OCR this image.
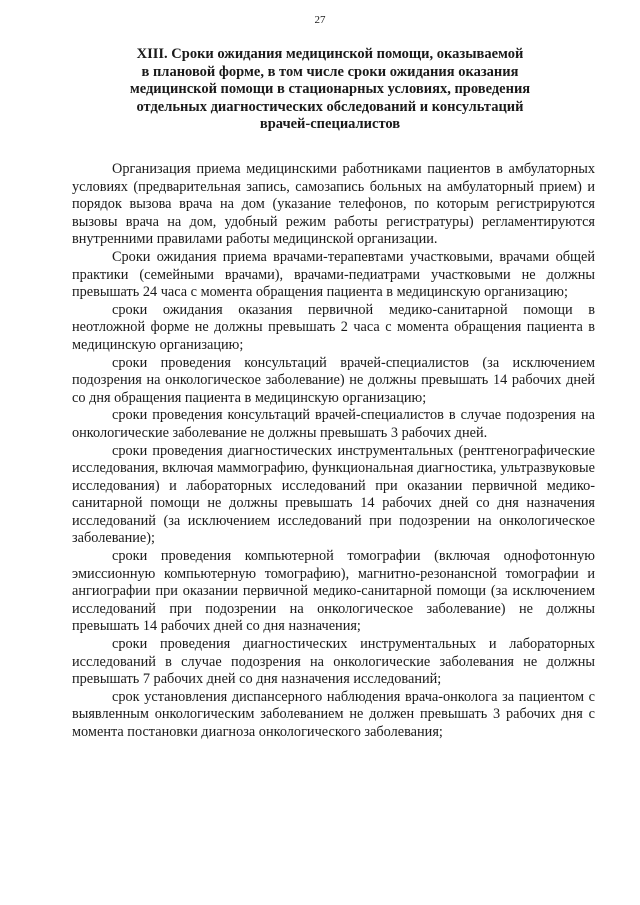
27
XIII. Сроки ожидания медицинской помощи, оказываемой
в плановой форме, в том числе сроки ожидания оказания
медицинской помощи в стационарных условиях, проведения
отдельных диагностических обследований и консультаций
врачей-специалистов

Организация приема медицинскими работниками пациентов в амбулаторных условиях (предварительная запись, самозапись больных на амбулаторный прием) и порядок вызова врача на дом (указание телефонов, по которым регистрируются вызовы врача на дом, удобный режим работы регистратуры) регламентируются внутренними правилами работы медицинской организации.

Сроки ожидания приема врачами-терапевтами участковыми, врачами общей практики (семейными врачами), врачами-педиатрами участковыми не должны превышать 24 часа с момента обращения пациента в медицинскую организацию;

сроки ожидания оказания первичной медико-санитарной помощи в неотложной форме не должны превышать 2 часа с момента обращения пациента в медицинскую организацию;

сроки проведения консультаций врачей-специалистов (за исключением подозрения на онкологическое заболевание) не должны превышать 14 рабочих дней со дня обращения пациента в медицинскую организацию;

сроки проведения консультаций врачей-специалистов в случае подозрения на онкологические заболевание не должны превышать 3 рабочих дней.

сроки проведения диагностических инструментальных (рентгенографические исследования, включая маммографию, функциональная диагностика, ультразвуковые исследования) и лабораторных исследований при оказании первичной медико-санитарной помощи не должны превышать 14 рабочих дней со дня назначения исследований (за исключением исследований при подозрении на онкологическое заболевание);

сроки проведения компьютерной томографии (включая однофотонную эмиссионную компьютерную томографию), магнитно-резонансной томографии и ангиографии при оказании первичной медико-санитарной помощи (за исключением исследований при подозрении на онкологическое заболевание) не должны превышать 14 рабочих дней со дня назначения;

сроки проведения диагностических инструментальных и лабораторных исследований в случае подозрения на онкологические заболевания не должны превышать 7 рабочих дней со дня назначения исследований;

срок установления диспансерного наблюдения врача-онколога за пациентом с выявленным онкологическим заболеванием не должен превышать 3 рабочих дня с момента постановки диагноза онкологического заболевания;
